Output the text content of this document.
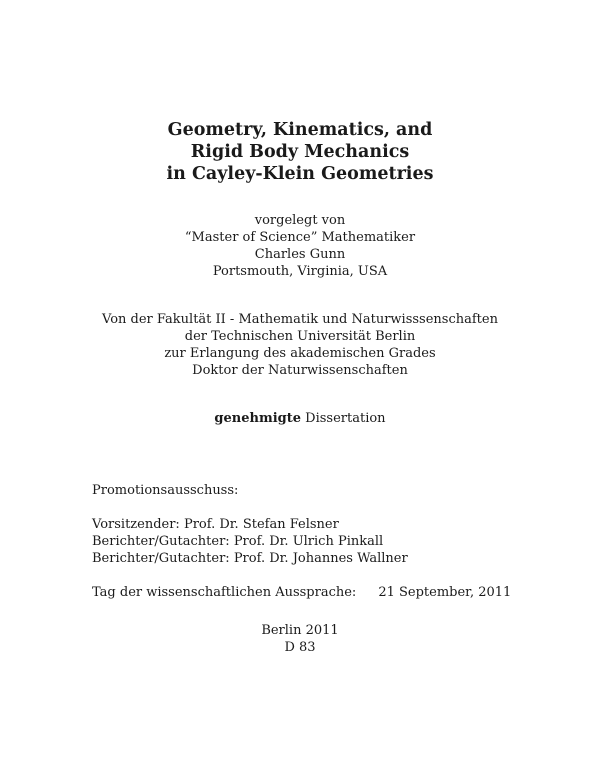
Geometry, Kinematics, and
Rigid Body Mechanics
in Cayley-Klein Geometries
vorgelegt von
“Master of Science” Mathematiker
Charles Gunn
Portsmouth, Virginia, USA
Von der Fakultät II - Mathematik und Naturwisssenschaften
der Technischen Universität Berlin
zur Erlangung des akademischen Grades
Doktor der Naturwissenschaften
genehmigte Dissertation
Promotionsausschuss:
Vorsitzender: Prof. Dr. Stefan Felsner
Berichter/Gutachter: Prof. Dr. Ulrich Pinkall
Berichter/Gutachter: Prof. Dr. Johannes Wallner
Tag der wissenschaftlichen Aussprache: 21 September, 2011
Berlin 2011
D 83
